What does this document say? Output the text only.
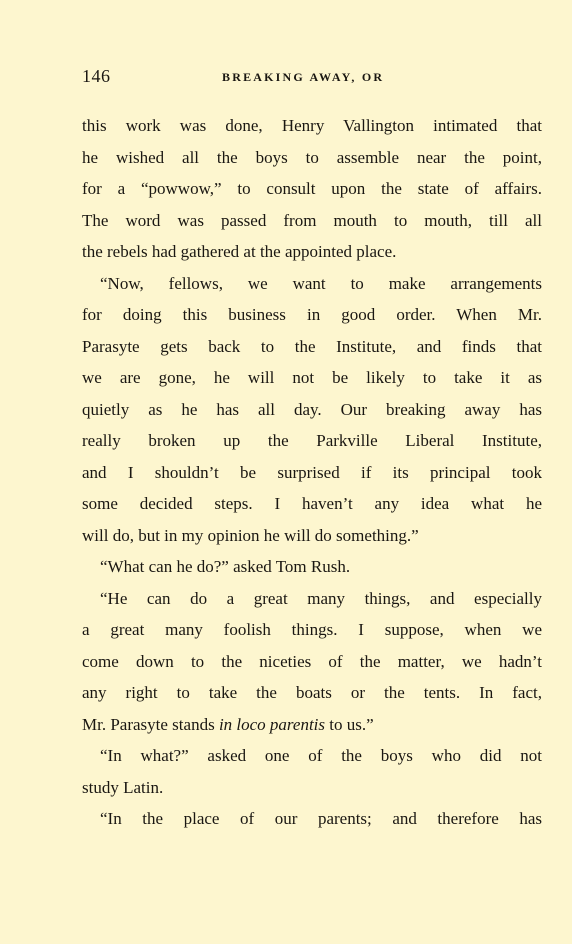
146	BREAKING AWAY, OR
this work was done, Henry Vallington intimated that
he wished all the boys to assemble near the point,
for a “powwow,” to consult upon the state of affairs.
The word was passed from mouth to mouth, till all
the rebels had gathered at the appointed place.
“Now, fellows, we want to make arrangements
for doing this business in good order. When Mr.
Parasyte gets back to the Institute, and finds that
we are gone, he will not be likely to take it as
quietly as he has all day. Our breaking away has
really broken up the Parkville Liberal Institute,
and I shouldn’t be surprised if its principal took
some decided steps. I haven’t any idea what he
will do, but in my opinion he will do something.”
“What can he do?” asked Tom Rush.
“He can do a great many things, and especially
a great many foolish things. I suppose, when we
come down to the niceties of the matter, we hadn’t
any right to take the boats or the tents. In fact,
Mr. Parasyte stands in loco parentis to us.”
“In what?” asked one of the boys who did not
study Latin.
“In the place of our parents; and therefore has
